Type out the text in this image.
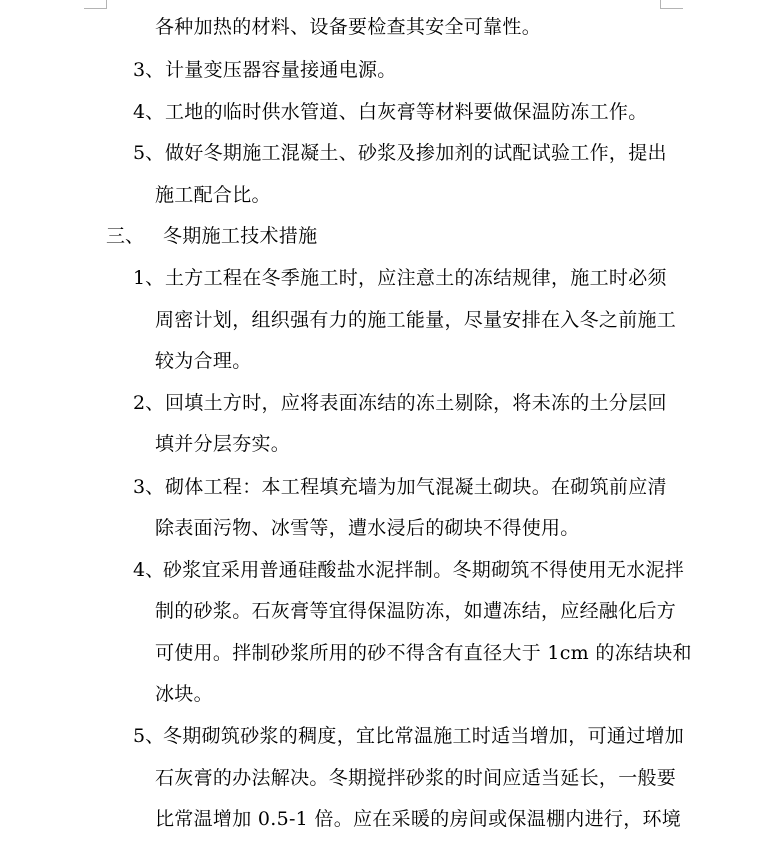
各种加热的材料、设备要检查其安全可靠性。
3、 计量变压器容量接通电源。
4、 工地的临时供水管道、白灰膏等材料要做保温防冻工作。
5、 做好冬期施工混凝土、砂浆及掺加剂的试配试验工作，提出
施工配合比。
三、 冬期施工技术措施
1、 土方工程在冬季施工时，应注意土的冻结规律，施工时必须
周密计划，组织强有力的施工能量，尽量安排在入冬之前施工
较为合理。
2、 回填土方时，应将表面冻结的冻土剔除，将未冻的土分层回
填并分层夯实。
3、 砌体工程：本工程填充墙为加气混凝土砌块。在砌筑前应清
除表面污物、冰雪等，遭水浸后的砌块不得使用。
4、
砂浆宜采用普通硅酸盐水泥拌制。冬期砌筑不得使用无水泥拌
制的砂浆。石灰膏等宜得保温防冻，如遭冻结，应经融化后方
可使用。拌制砂浆所用的砂不得含有直径大于 1cm 的冻结块和
冰块。
5、
冬期砌筑砂浆的稠度，宜比常温施工时适当增加，可通过增加
石灰膏的办法解决。冬期搅拌砂浆的时间应适当延长，一般要
比常温增加 0.5-1 倍。应在采暖的房间或保温棚内进行，环境
